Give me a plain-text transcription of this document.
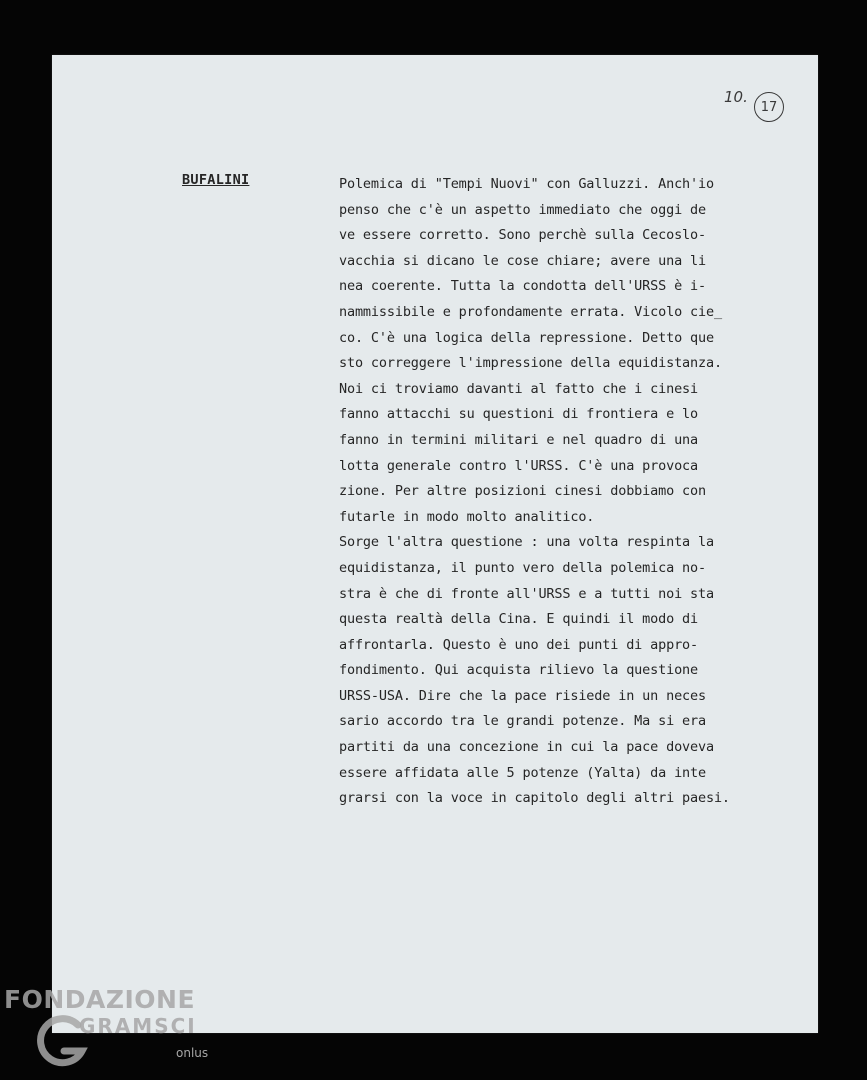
10.
17
BUFALINI	Polemica di "Tempi Nuovi" con Galluzzi. Anch'io
penso che c'è un aspetto immediato che oggi de
ve essere corretto. Sono perchè sulla Cecoslo-
vacchia si dicano le cose chiare; avere una li
nea coerente. Tutta la condotta dell'URSS è i-
nammissibile e profondamente errata. Vicolo cie_
co. C'è una logica della repressione. Detto que
sto correggere l'impressione della equidistanza.
Noi ci troviamo davanti al fatto che i cinesi
fanno attacchi su questioni di frontiera e lo
fanno in termini militari e nel quadro di una
lotta generale contro l'URSS. C'è una provoca
zione. Per altre posizioni cinesi dobbiamo con
futarle in modo molto analitico.
Sorge l'altra questione : una volta respinta la
equidistanza, il punto vero della polemica no-
stra è che di fronte all'URSS e a tutti noi sta
questa realtà della Cina. E quindi il modo di
affrontarla. Questo è uno dei punti di appro-
fondimento. Qui acquista rilievo la questione
URSS-USA. Dire che la pace risiede in un neces
sario accordo tra le grandi potenze. Ma si era
partiti da una concezione in cui la pace doveva
essere affidata alle 5 potenze (Yalta) da inte
grarsi con la voce in capitolo degli altri paesi.
FONDAZIONE
GRAMSCI
onlus
